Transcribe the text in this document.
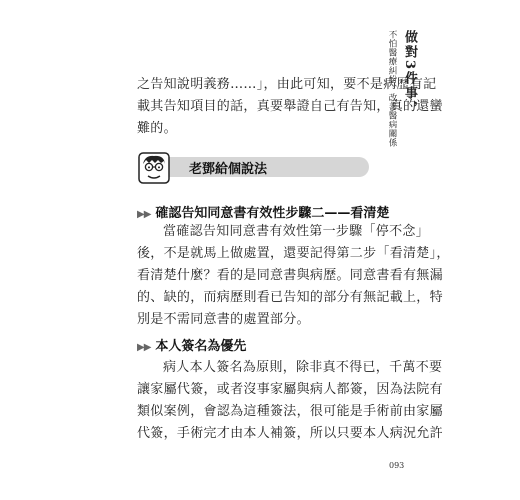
做對3件事，
不怕醫療糾紛、改善醫病關係
之告知說明義務……」，由此可知，要不是病歷有記
載其告知項目的話，真要舉證自己有告知，真的還蠻
難的。
老鄧給個說法
▶▶ 確認告知同意書有效性步驟二——看清楚
當確認告知同意書有效性第一步驟「停不念」
後，不是就馬上做處置，還要記得第二步「看清楚」，
看清楚什麼？看的是同意書與病歷。同意書看有無漏
的、缺的，而病歷則看已告知的部分有無記載上，特
別是不需同意書的處置部分。
▶▶ 本人簽名為優先
病人本人簽名為原則，除非真不得已，千萬不要
讓家屬代簽，或者沒事家屬與病人都簽，因為法院有
類似案例，會認為這種簽法，很可能是手術前由家屬
代簽，手術完才由本人補簽，所以只要本人病況允許
093
